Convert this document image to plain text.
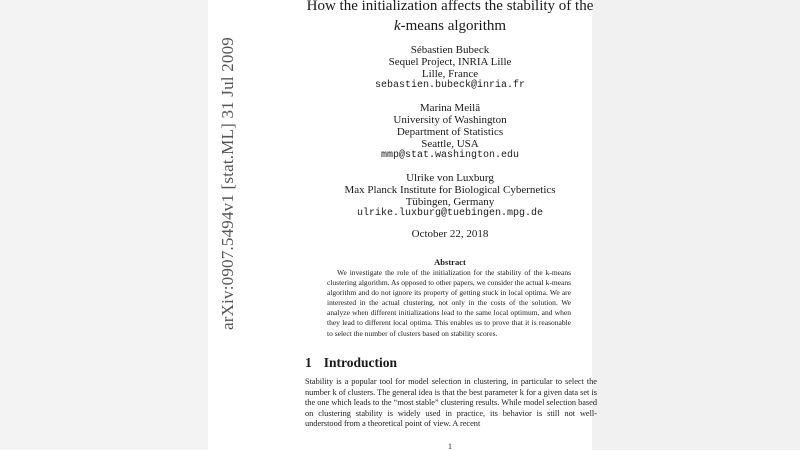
arXiv:0907.5494v1 [stat.ML] 31 Jul 2009
How the initialization affects the stability of the
k-means algorithm
Sébastien Bubeck
Sequel Project, INRIA Lille
Lille, France
sebastien.bubeck@inria.fr
Marina Meilă
University of Washington
Department of Statistics
Seattle, USA
mmp@stat.washington.edu
Ulrike von Luxburg
Max Planck Institute for Biological Cybernetics
Tübingen, Germany
ulrike.luxburg@tuebingen.mpg.de
October 22, 2018
Abstract
We investigate the role of the initialization for the stability of the k-means clustering algorithm. As opposed to other papers, we consider the actual k-means algorithm and do not ignore its property of getting stuck in local optima. We are interested in the actual clustering, not only in the costs of the solution. We analyze when different initializations lead to the same local optimum, and when they lead to different local optima. This enables us to prove that it is reasonable to select the number of clusters based on stability scores.
1 Introduction
Stability is a popular tool for model selection in clustering, in particular to select the number k of clusters. The general idea is that the best parameter k for a given data set is the one which leads to the “most stable” clustering results. While model selection based on clustering stability is widely used in practice, its behavior is still not well-understood from a theoretical point of view. A recent
1
